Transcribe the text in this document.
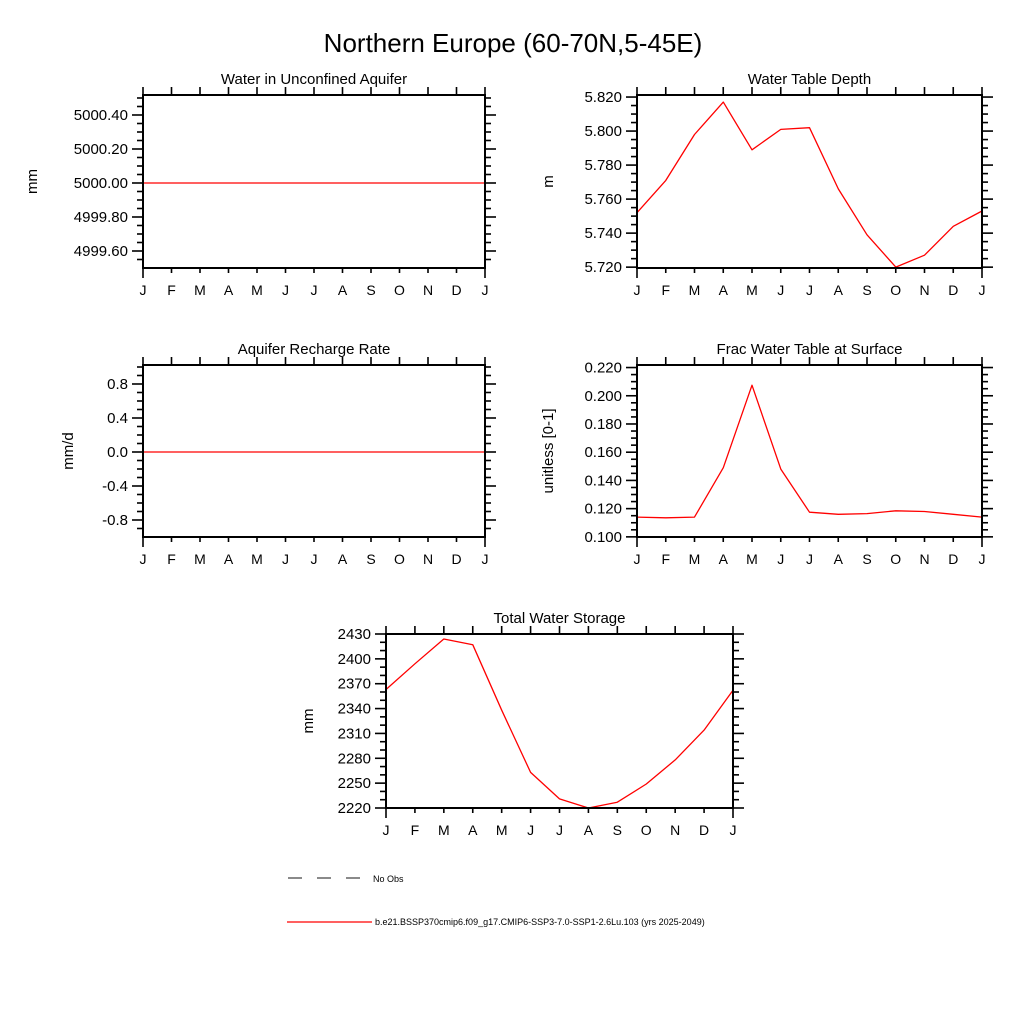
Northern Europe (60-70N,5-45E)
Water in Unconfined Aquifer
mm
J F M A M J J A S O N D J
5000.40
5000.20
5000.00
4999.80
4999.60
Water Table Depth
m
J F M A M J J A S O N D J
5.820
5.800
5.780
5.760
5.740
5.720
Aquifer Recharge Rate
mm/d
J F M A M J J A S O N D J
0.8
0.4
0.0
-0.4
-0.8
Frac Water Table at Surface
unitless [0-1]
J F M A M J J A S O N D J
0.220
0.200
0.180
0.160
0.140
0.120
0.100
Total Water Storage
mm
J F M A M J J A S O N D J
2430
2400
2370
2340
2310
2280
2250
2220
No Obs
b.e21.BSSP370cmip6.f09_g17.CMIP6-SSP3-7.0-SSP1-2.6Lu.103 (yrs 2025-2049)
